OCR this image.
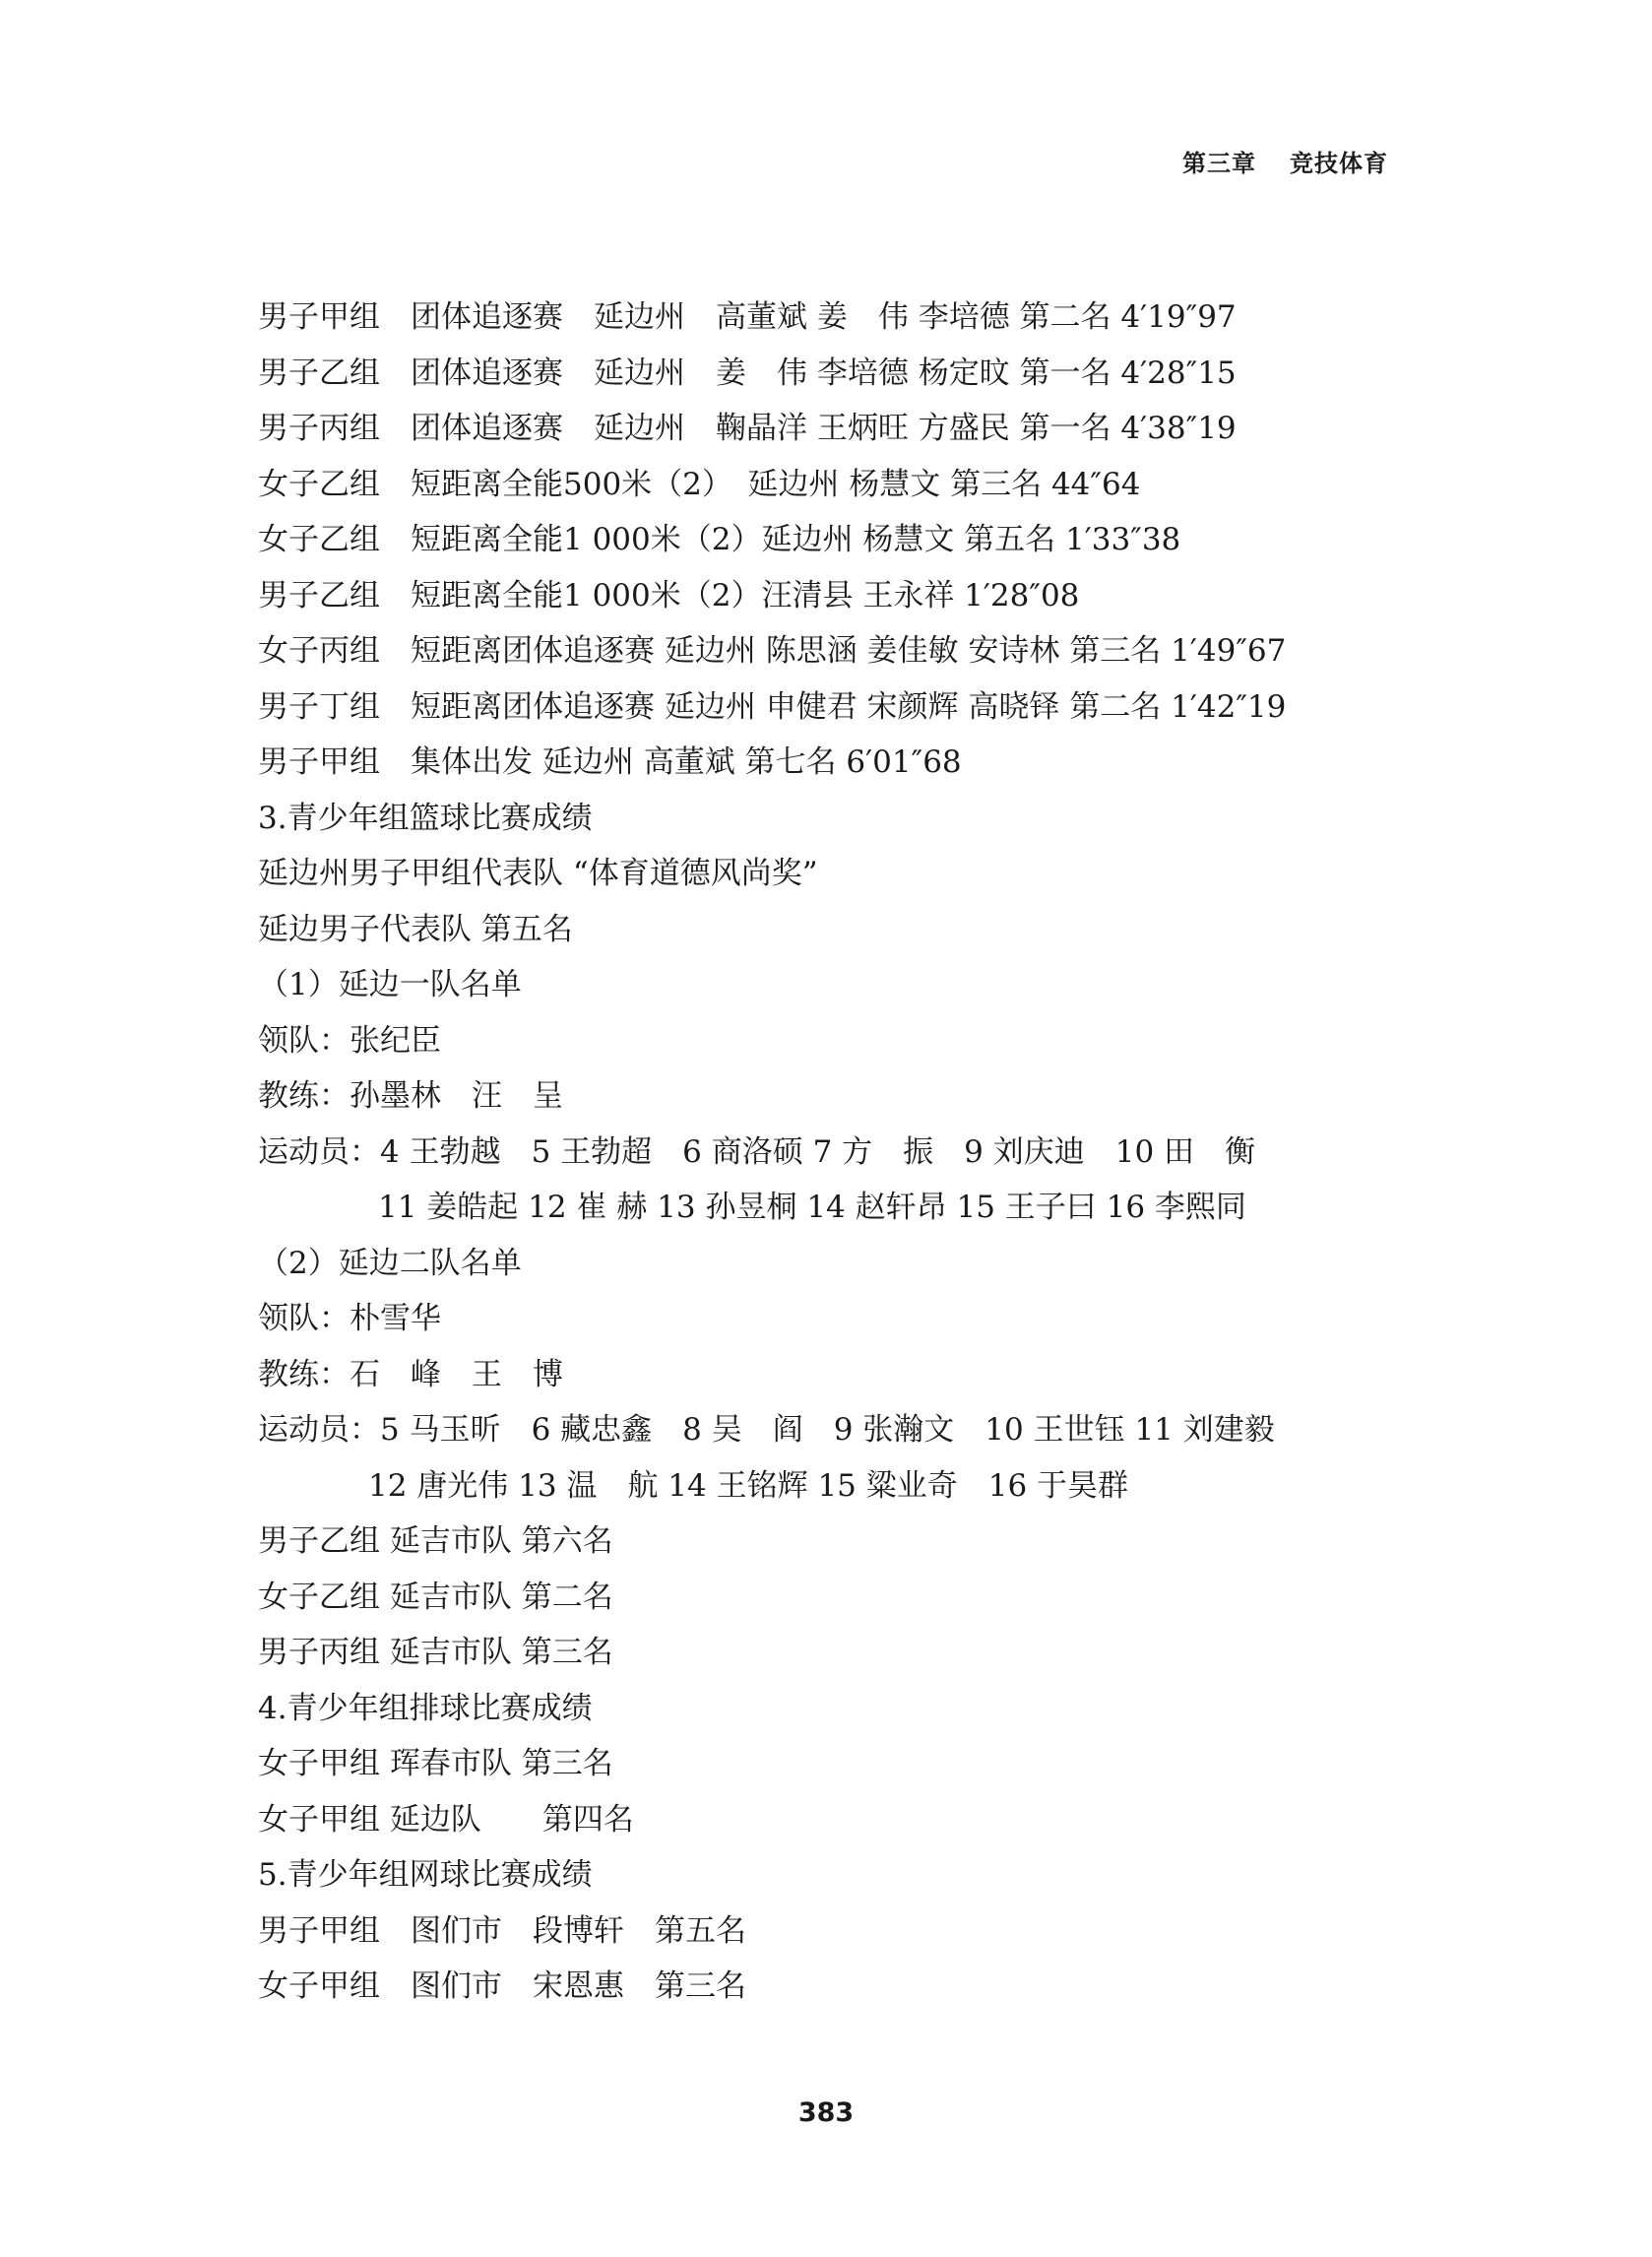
第三章 竞技体育
男子甲组　团体追逐赛　延边州　高董斌 姜　伟 李培德 第二名 4′19″97
男子乙组　团体追逐赛　延边州　姜　伟 李培德 杨定旼 第一名 4′28″15
男子丙组　团体追逐赛　延边州　鞠晶洋 王炳旺 方盛民 第一名 4′38″19
女子乙组　短距离全能500米（2）　延边州 杨慧文 第三名 44″64
女子乙组　短距离全能1 000米（2）延边州 杨慧文 第五名 1′33″38
男子乙组　短距离全能1 000米（2）汪清县 王永祥 1′28″08
女子丙组　短距离团体追逐赛 延边州 陈思涵 姜佳敏 安诗林 第三名 1′49″67
男子丁组　短距离团体追逐赛 延边州 申健君 宋颜辉 高晓铎 第二名 1′42″19
男子甲组　集体出发 延边州 高董斌 第七名 6′01″68
3.青少年组篮球比赛成绩
延边州男子甲组代表队 “体育道德风尚奖”
延边男子代表队 第五名
（1）延边一队名单
领队：张纪臣
教练：孙墨林　汪　呈
运动员：4 王勃越　5 王勃超　6 商洛硕 7 方　振　9 刘庆迪　10 田　衡
11 姜皓起 12 崔 赫 13 孙昱桐 14 赵轩昂 15 王子曰 16 李熙同
（2）延边二队名单
领队：朴雪华
教练：石　峰　王　博
运动员：5 马玉昕　6 藏忠鑫　8 吴　阎　9 张瀚文　10 王世钰 11 刘建毅
12 唐光伟 13 温　航 14 王铭辉 15 粱业奇　16 于昊群
男子乙组 延吉市队 第六名
女子乙组 延吉市队 第二名
男子丙组 延吉市队 第三名
4.青少年组排球比赛成绩
女子甲组 珲春市队 第三名
女子甲组 延边队　　第四名
5.青少年组网球比赛成绩
男子甲组　图们市　段博轩　第五名
女子甲组　图们市　宋恩惠　第三名
383
